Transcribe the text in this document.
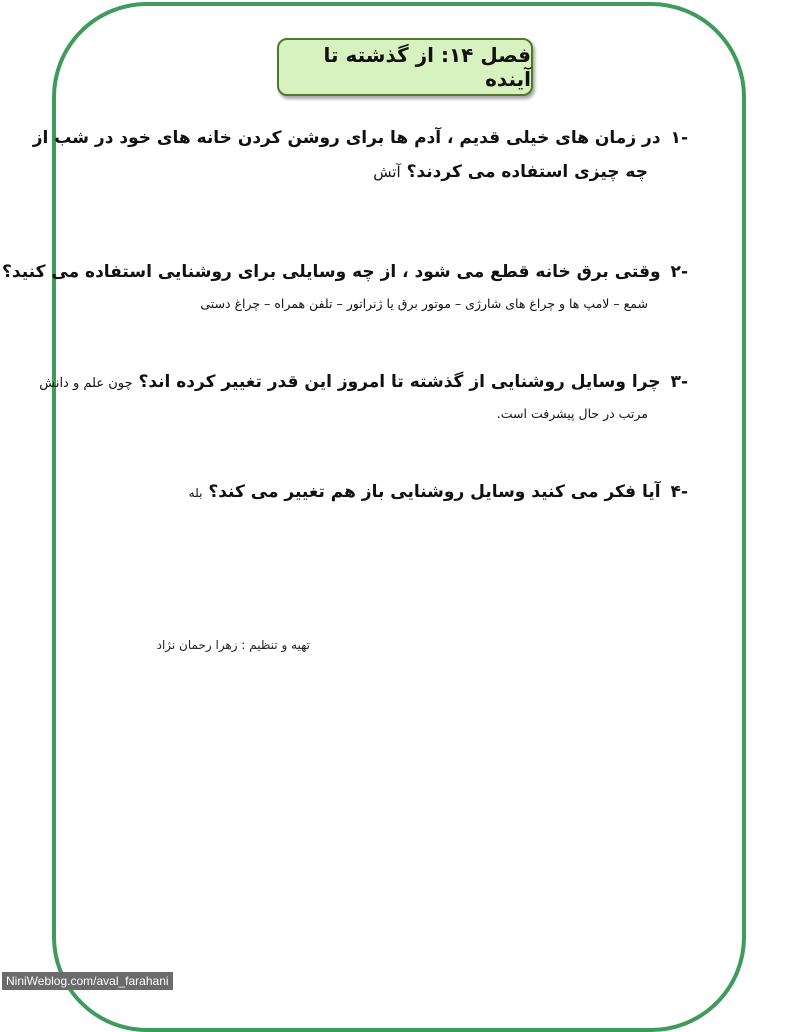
فصل ۱۴: از گذشته تا آینده
-۱در زمان های خیلی قدیم ، آدم ها برای روشن کردن خانه های خود در شب از
چه چیزی استفاده می کردند؟ آتش
-۲وقتی برق خانه قطع می شود ، از چه وسایلی برای روشنایی استفاده می کنید؟
شمع – لامپ ها و چراغ های شارژی – موتور برق یا ژنراتور – تلفن همراه – چراغ دستی
-۳چرا وسایل روشنایی از گذشته تا امروز این قدر تغییر کرده اند؟ چون علم و دانش
مرتب در حال پیشرفت است.
-۴آیا فکر می کنید وسایل روشنایی باز هم تغییر می کند؟ بله
تهیه و تنظیم : زهرا رحمان نژاد
NiniWeblog.com/aval_farahani
